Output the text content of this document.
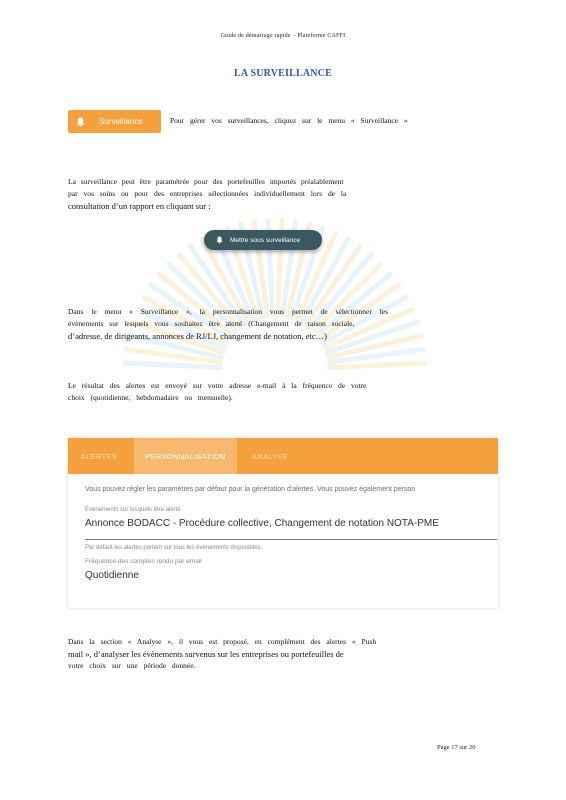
Guide de démarrage rapide – Plateforme CAFFI
LA SURVEILLANCE
Surveillance	Pour gérer vos surveillances, cliquez sur le menu « Surveillance »
La surveillance peut être paramétrée pour des portefeuilles importés préalablement
par vos soins ou pour des entreprises sélectionnées individuellement lors de la
consultation d’un rapport en cliquant sur :
Mettre sous surveillance
Dans le menu « Surveillance », la personnalisation vous permet de sélectionner les
évènements sur lesquels vous souhaitez être alerté (Changement de raison sociale,
d’adresse, de dirigeants, annonces de RJ/LJ, changement de notation, etc…)
Le résultat des alertes est envoyé sur votre adresse e-mail à la fréquence de votre
choix (quotidienne, hebdomadaire ou mensuelle).
ALERTES	PERSONNALISATION	ANALYSE
Vous pouvez régler les paramètres par défaut pour la génération d'alertes. Vous pouvez également person
Évènements sur lesquels être alerté
Annonce BODACC - Procédure collective, Changement de notation NOTA-PME
Par défaut les alertes portent sur tous les évènements disponibles.
Fréquence des comptes rendu par email
Quotidienne
Dans la section « Analyse », il vous est proposé, en complément des alertes « Push
mail », d’analyser les évènements survenus sur les entreprises ou portefeuilles de
votre choix sur une période donnée.
Page 17 sur 20
